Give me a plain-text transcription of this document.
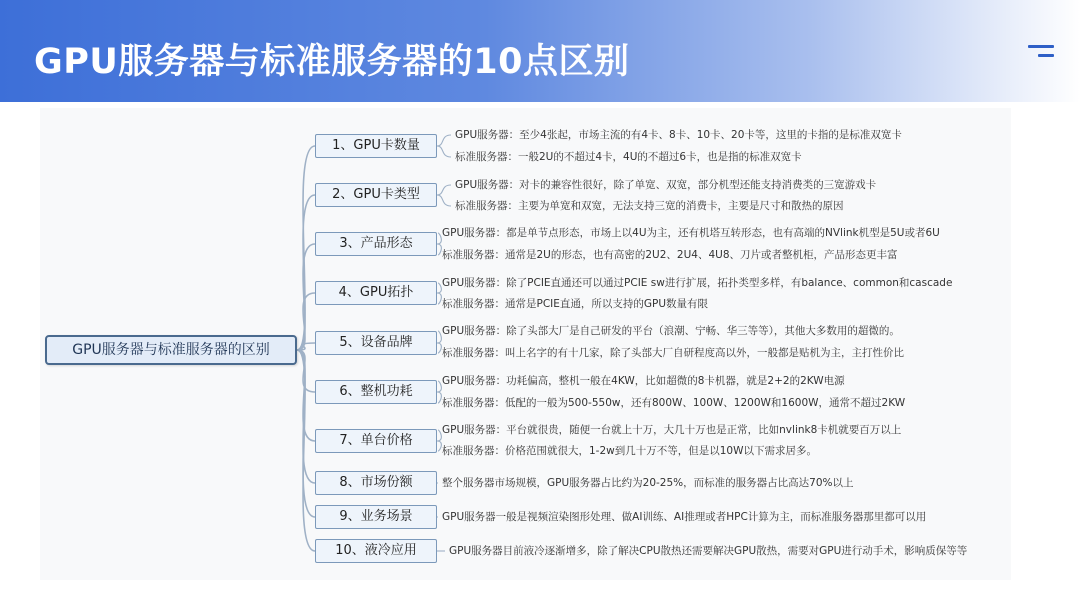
GPU服务器与标准服务器的10点区别
GPU服务器与标准服务器的区别
1、GPU卡数量
GPU服务器：至少4张起，市场主流的有4卡、8卡、10卡、20卡等，这里的卡指的是标准双宽卡
标准服务器：一般2U的不超过4卡，4U的不超过6卡，也是指的标准双宽卡
2、GPU卡类型
GPU服务器：对卡的兼容性很好，除了单宽、双宽，部分机型还能支持消费类的三宽游戏卡
标准服务器：主要为单宽和双宽，无法支持三宽的消费卡，主要是尺寸和散热的原因
3、产品形态
GPU服务器：都是单节点形态，市场上以4U为主，还有机塔互转形态，也有高端的NVlink机型是5U或者6U
标准服务器：通常是2U的形态，也有高密的2U2、2U4、4U8、刀片或者整机柜，产品形态更丰富
4、GPU拓扑
GPU服务器：除了PCIE直通还可以通过PCIE sw进行扩展，拓扑类型多样，有balance、common和cascade
标准服务器：通常是PCIE直通，所以支持的GPU数量有限
5、设备品牌
GPU服务器：除了头部大厂是自己研发的平台（浪潮、宁畅、华三等等），其他大多数用的超微的。
标准服务器：叫上名字的有十几家，除了头部大厂自研程度高以外，一般都是贴机为主，主打性价比
6、整机功耗
GPU服务器：功耗偏高，整机一般在4KW，比如超微的8卡机器，就是2+2的2KW电源
标准服务器：低配的一般为500-550w，还有800W、100W、1200W和1600W，通常不超过2KW
7、单台价格
GPU服务器：平台就很贵，随便一台就上十万，大几十万也是正常，比如nvlink8卡机就要百万以上
标准服务器：价格范围就很大，1-2w到几十万不等，但是以10W以下需求居多。
8、市场份额	整个服务器市场规模，GPU服务器占比约为20-25%，而标准的服务器占比高达70%以上
9、业务场景	GPU服务器一般是视频渲染图形处理、做AI训练、AI推理或者HPC计算为主，而标准服务器那里都可以用
10、液冷应用	GPU服务器目前液冷逐渐增多，除了解决CPU散热还需要解决GPU散热，需要对GPU进行动手术，影响质保等等
